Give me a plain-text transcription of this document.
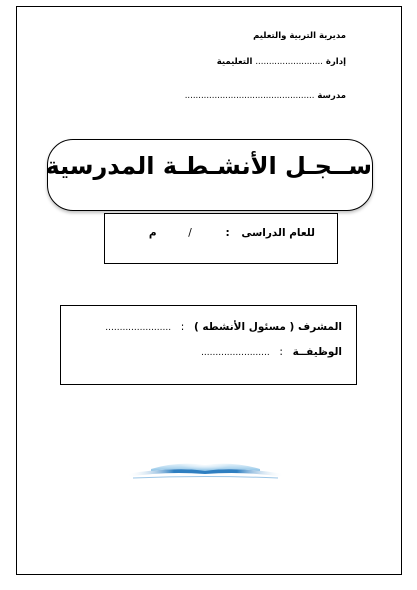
مديرية التربية والتعليم
إدارة ......................... التعليمية
مدرسة ................................................
ســجـل الأنشـطـة المدرسية
للعام الدراسى : / م
المشرف ( مسئول الأنشطه ) : .......................
الوظيفــة : ........................
